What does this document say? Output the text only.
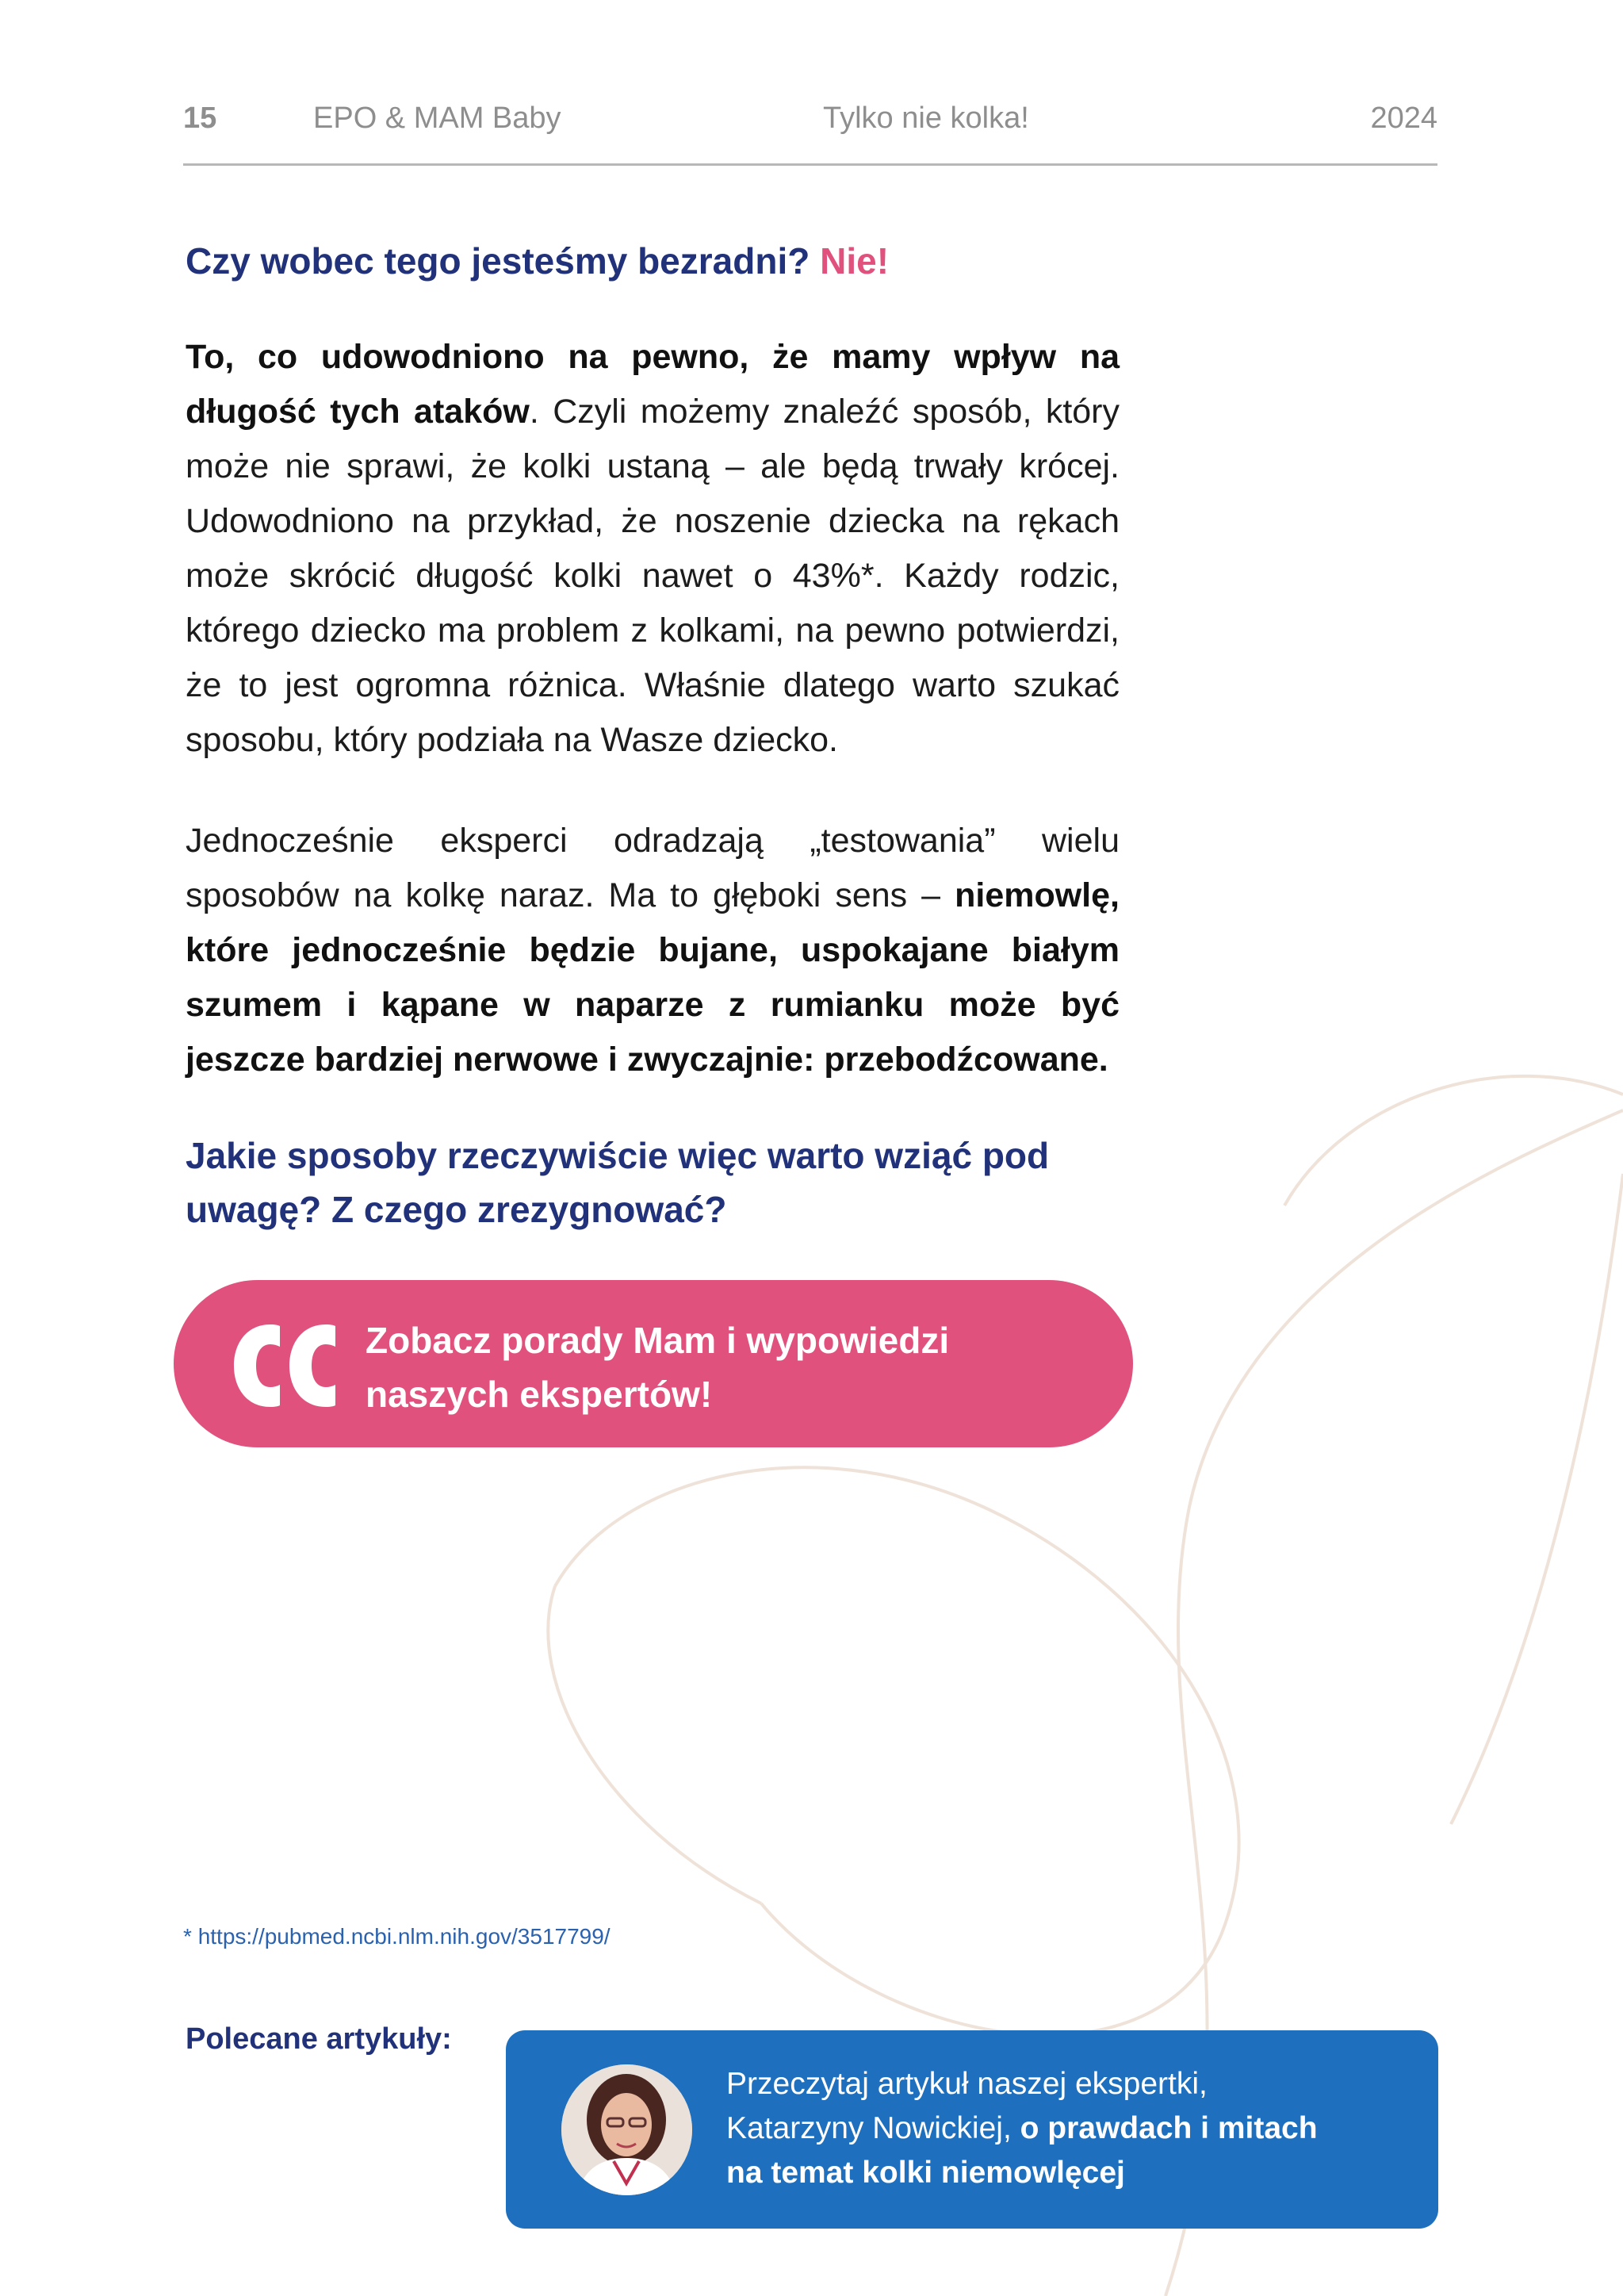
15	EPO & MAM Baby	Tylko nie kolka!	2024
Czy wobec tego jesteśmy bezradni? Nie!

To, co udowodniono na pewno, że mamy wpływ na długość tych ataków. Czyli możemy znaleźć sposób, który może nie sprawi, że kolki ustaną – ale będą trwały krócej. Udowodniono na przykład, że noszenie dziecka na rękach może skrócić długość kolki nawet o 43%*. Każdy rodzic, którego dziecko ma problem z kolkami, na pewno potwierdzi, że to jest ogromna różnica. Właśnie dlatego warto szukać sposobu, który podziała na Wasze dziecko.

Jednocześnie eksperci odradzają „testowania” wielu sposobów na kolkę naraz. Ma to głęboki sens – niemowlę, które jednocześnie będzie bujane, uspokajane białym szumem i kąpane w naparze z rumianku może być jeszcze bardziej nerwowe i zwyczajnie: przebodźcowane.

Jakie sposoby rzeczywiście więc warto wziąć pod uwagę? Z czego zrezygnować?
Zobacz porady Mam i wypowiedzi
naszych ekspertów!
* https://pubmed.ncbi.nlm.nih.gov/3517799/
Polecane artykuły:
Przeczytaj artykuł naszej ekspertki,
Katarzyny Nowickiej, o prawdach i mitach
na temat kolki niemowlęcej
